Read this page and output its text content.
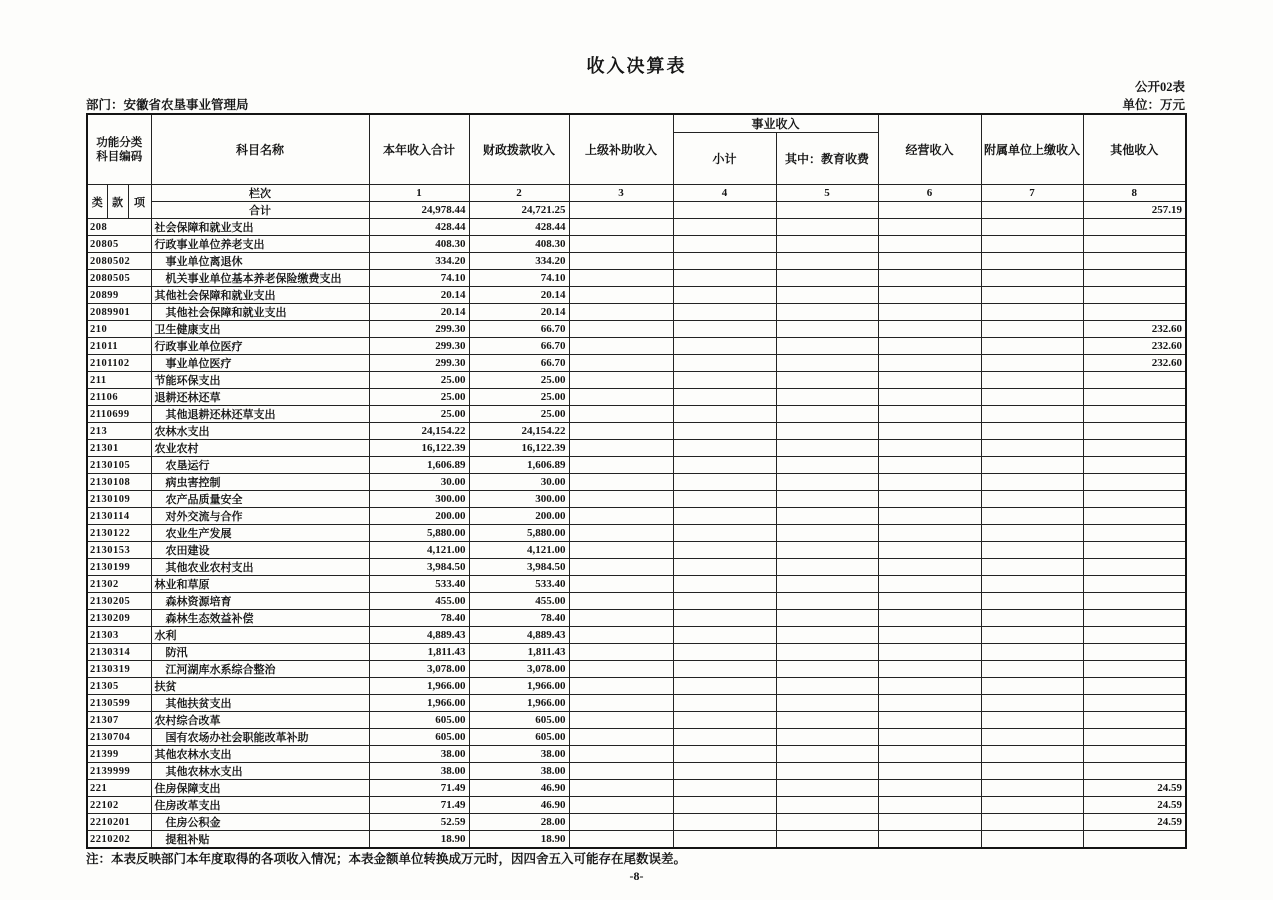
收入决算表
公开02表
部门：安徽省农垦事业管理局	单位：万元
功能分类
科目编码			科目名称	本年收入合计	财政拨款收入	上级补助收入	事业收入		经营收入	附属单位上缴收入	其他收入
							小计	其中：教育收费			
类	款	项	栏次	1	2	3	4	5	6	7	8
			合计	24,978.44	24,721.25						257.19
208			社会保障和就业支出	428.44	428.44						
20805			行政事业单位养老支出	408.30	408.30						
2080502			事业单位离退休	334.20	334.20						
2080505			机关事业单位基本养老保险缴费支出	74.10	74.10						
20899			其他社会保障和就业支出	20.14	20.14						
2089901			其他社会保障和就业支出	20.14	20.14						
210			卫生健康支出	299.30	66.70						232.60
21011			行政事业单位医疗	299.30	66.70						232.60
2101102			事业单位医疗	299.30	66.70						232.60
211			节能环保支出	25.00	25.00						
21106			退耕还林还草	25.00	25.00						
2110699			其他退耕还林还草支出	25.00	25.00						
213			农林水支出	24,154.22	24,154.22						
21301			农业农村	16,122.39	16,122.39						
2130105			农垦运行	1,606.89	1,606.89						
2130108			病虫害控制	30.00	30.00						
2130109			农产品质量安全	300.00	300.00						
2130114			对外交流与合作	200.00	200.00						
2130122			农业生产发展	5,880.00	5,880.00						
2130153			农田建设	4,121.00	4,121.00						
2130199			其他农业农村支出	3,984.50	3,984.50						
21302			林业和草原	533.40	533.40						
2130205			森林资源培育	455.00	455.00						
2130209			森林生态效益补偿	78.40	78.40						
21303			水利	4,889.43	4,889.43						
2130314			防汛	1,811.43	1,811.43						
2130319			江河湖库水系综合整治	3,078.00	3,078.00						
21305			扶贫	1,966.00	1,966.00						
2130599			其他扶贫支出	1,966.00	1,966.00						
21307			农村综合改革	605.00	605.00						
2130704			国有农场办社会职能改革补助	605.00	605.00						
21399			其他农林水支出	38.00	38.00						
2139999			其他农林水支出	38.00	38.00						
221			住房保障支出	71.49	46.90						24.59
22102			住房改革支出	71.49	46.90						24.59
2210201			住房公积金	52.59	28.00						24.59
2210202			提租补贴	18.90	18.90						
注：本表反映部门本年度取得的各项收入情况；本表金额单位转换成万元时，因四舍五入可能存在尾数误差。
-8-
